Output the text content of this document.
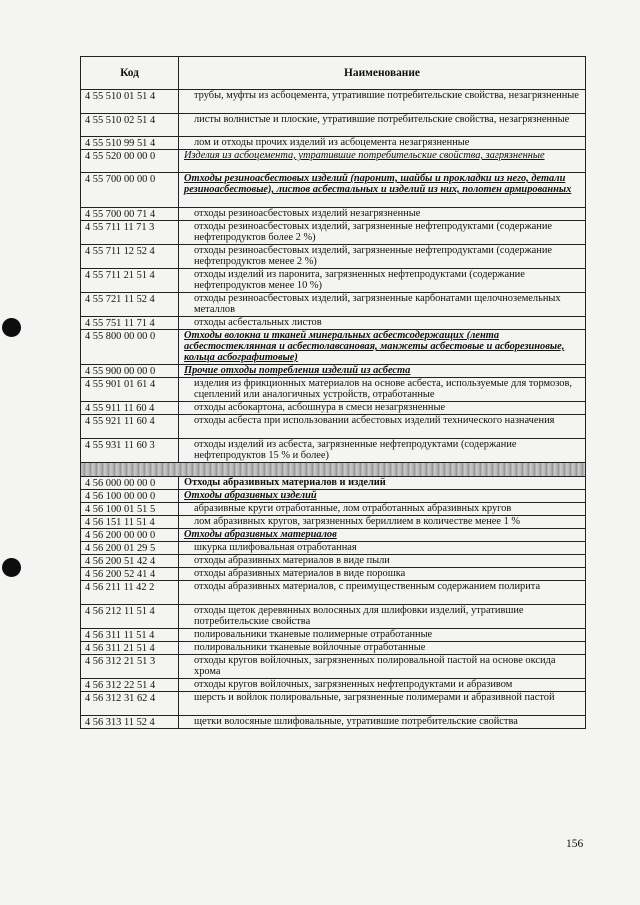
Код	Наименование
4 55 510 01 51 4	трубы, муфты из асбоцемента, утратившие потребительские свойства, незагрязненные
4 55 510 02 51 4	листы волнистые и плоские, утратившие потребительские свойства, незагрязненные
4 55 510 99 51 4	лом и отходы прочих изделий из асбоцемента незагрязненные
4 55 520 00 00 0	Изделия из асбоцемента, утратившие потребительские свойства, загрязненные
4 55 700 00 00 0	Отходы резиноасбестовых изделий (паронит, шайбы и прокладки из него, детали резиноасбестовые), листов асбестальных и изделий из них, полотен армированных
4 55 700 00 71 4	отходы резиноасбестовых изделий незагрязненные
4 55 711 11 71 3	отходы резиноасбестовых изделий, загрязненные нефтепродуктами (содержание нефтепродуктов более 2 %)
4 55 711 12 52 4	отходы резиноасбестовых изделий, загрязненные нефтепродуктами (содержание нефтепродуктов менее 2 %)
4 55 711 21 51 4	отходы изделий из паронита, загрязненных нефтепродуктами (содержание нефтепродуктов менее 10 %)
4 55 721 11 52 4	отходы резиноасбестовых изделий, загрязненные карбонатами щелочноземельных металлов
4 55 751 11 71 4	отходы асбестальных листов
4 55 800 00 00 0	Отходы волокна и тканей минеральных асбестсодержащих (лента асбестостеклянная и асбестолавсановая, манжеты асбестовые и асборезиновые, кольца асбографитовые)
4 55 900 00 00 0	Прочие отходы потребления изделий из асбеста
4 55 901 01 61 4	изделия из фрикционных материалов на основе асбеста, используемые для тормозов, сцеплений или аналогичных устройств, отработанные
4 55 911 11 60 4	отходы асбокартона, асбошнура в смеси незагрязненные
4 55 921 11 60 4	отходы асбеста при использовании асбестовых изделий технического назначения
4 55 931 11 60 3	отходы изделий из асбеста, загрязненные нефтепродуктами (содержание нефтепродуктов 15 % и более)

4 56 000 00 00 0	Отходы абразивных материалов и изделий
4 56 100 00 00 0	Отходы абразивных изделий
4 56 100 01 51 5	абразивные круги отработанные, лом отработанных абразивных кругов
4 56 151 11 51 4	лом абразивных кругов, загрязненных бериллием в количестве менее 1 %
4 56 200 00 00 0	Отходы абразивных материалов
4 56 200 01 29 5	шкурка шлифовальная отработанная
4 56 200 51 42 4	отходы абразивных материалов в виде пыли
4 56 200 52 41 4	отходы абразивных материалов в виде порошка
4 56 211 11 42 2	отходы абразивных материалов, с преимущественным содержанием полирита
4 56 212 11 51 4	отходы щеток деревянных волосяных для шлифовки изделий, утратившие потребительские свойства
4 56 311 11 51 4	полировальники тканевые полимерные отработанные
4 56 311 21 51 4	полировальники тканевые войлочные отработанные
4 56 312 21 51 3	отходы кругов войлочных, загрязненных полировальной пастой на основе оксида хрома
4 56 312 22 51 4	отходы кругов войлочных, загрязненных нефтепродуктами и абразивом
4 56 312 31 62 4	шерсть и войлок полировальные, загрязненные полимерами и абразивной пастой
4 56 313 11 52 4	щетки волосяные шлифовальные, утратившие потребительские свойства
156
